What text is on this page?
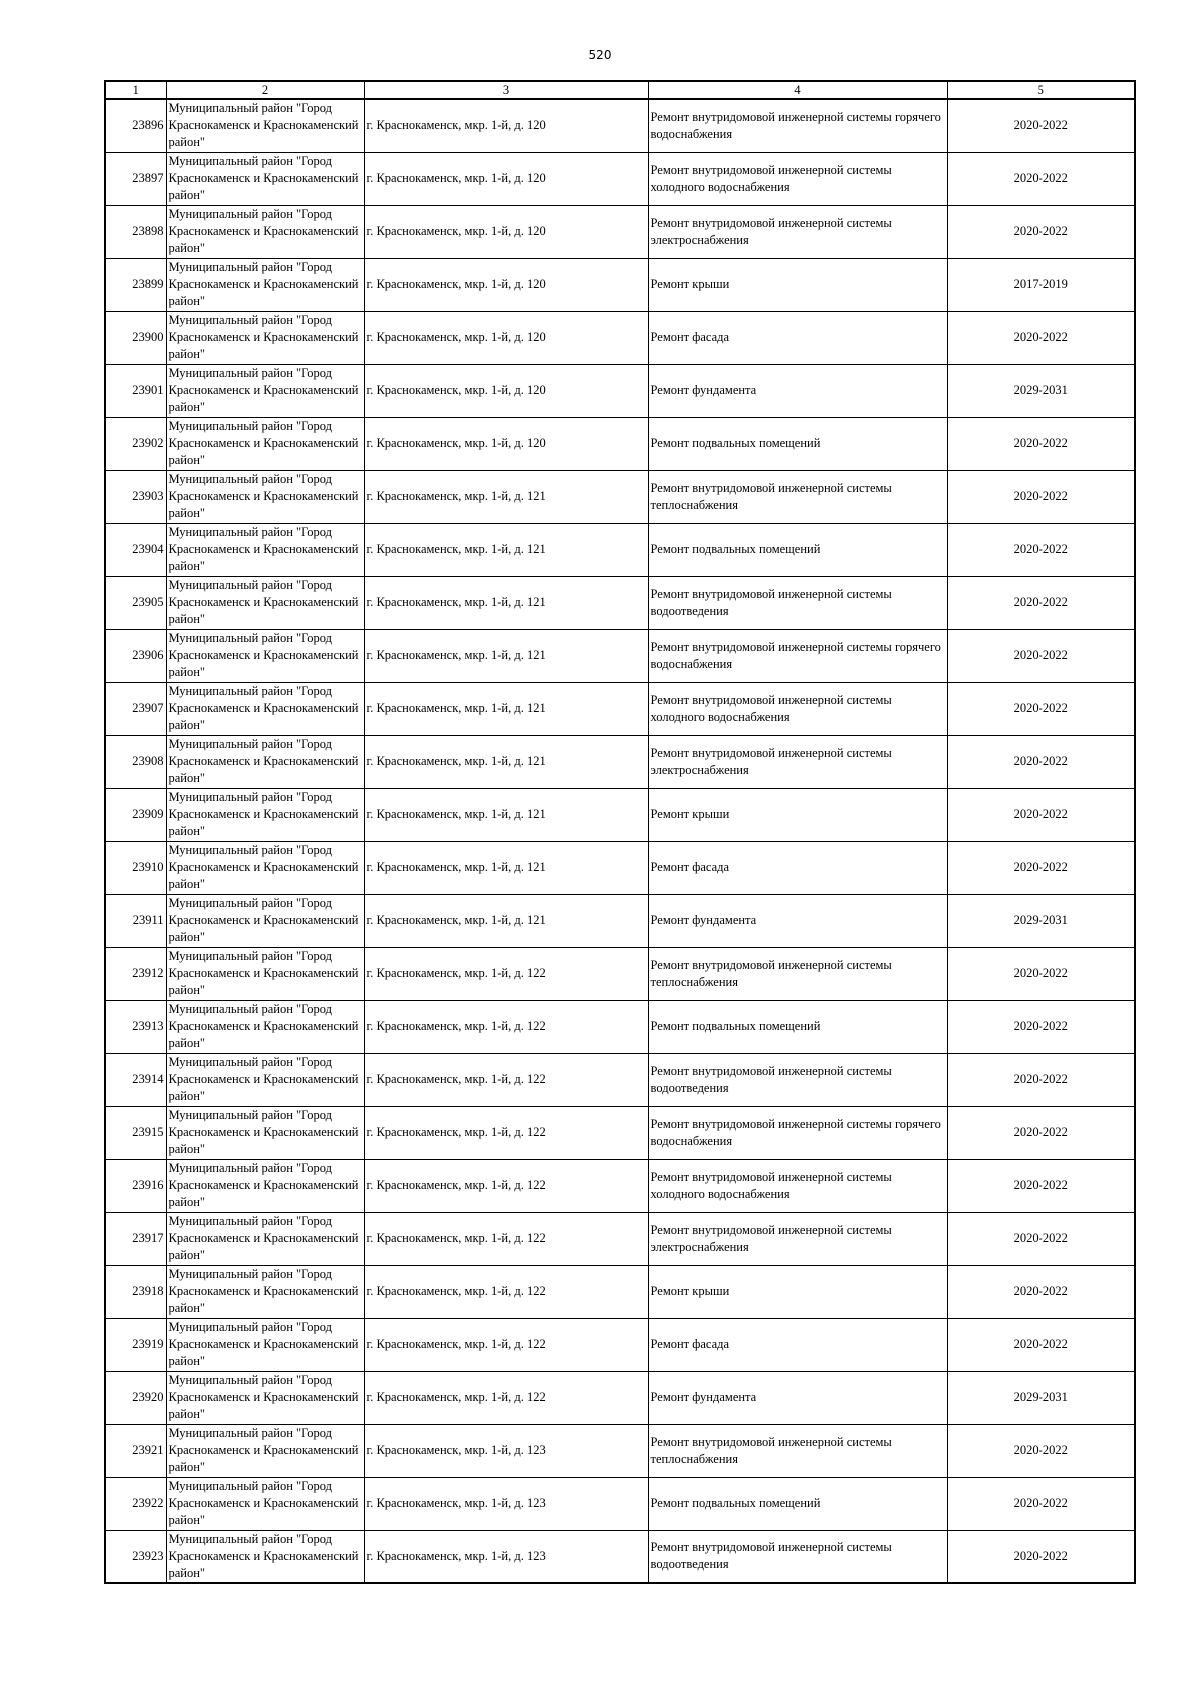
520
1	2	3	4	5
23896	Муниципальный район "Город Краснокаменск и Краснокаменский район"	г. Краснокаменск, мкр. 1-й, д. 120	Ремонт внутридомовой инженерной системы горячего водоснабжения	2020-2022
23897	Муниципальный район "Город Краснокаменск и Краснокаменский район"	г. Краснокаменск, мкр. 1-й, д. 120	Ремонт внутридомовой инженерной системы холодного водоснабжения	2020-2022
23898	Муниципальный район "Город Краснокаменск и Краснокаменский район"	г. Краснокаменск, мкр. 1-й, д. 120	Ремонт внутридомовой инженерной системы электроснабжения	2020-2022
23899	Муниципальный район "Город Краснокаменск и Краснокаменский район"	г. Краснокаменск, мкр. 1-й, д. 120	Ремонт крыши	2017-2019
23900	Муниципальный район "Город Краснокаменск и Краснокаменский район"	г. Краснокаменск, мкр. 1-й, д. 120	Ремонт фасада	2020-2022
23901	Муниципальный район "Город Краснокаменск и Краснокаменский район"	г. Краснокаменск, мкр. 1-й, д. 120	Ремонт фундамента	2029-2031
23902	Муниципальный район "Город Краснокаменск и Краснокаменский район"	г. Краснокаменск, мкр. 1-й, д. 120	Ремонт подвальных помещений	2020-2022
23903	Муниципальный район "Город Краснокаменск и Краснокаменский район"	г. Краснокаменск, мкр. 1-й, д. 121	Ремонт внутридомовой инженерной системы теплоснабжения	2020-2022
23904	Муниципальный район "Город Краснокаменск и Краснокаменский район"	г. Краснокаменск, мкр. 1-й, д. 121	Ремонт подвальных помещений	2020-2022
23905	Муниципальный район "Город Краснокаменск и Краснокаменский район"	г. Краснокаменск, мкр. 1-й, д. 121	Ремонт внутридомовой инженерной системы водоотведения	2020-2022
23906	Муниципальный район "Город Краснокаменск и Краснокаменский район"	г. Краснокаменск, мкр. 1-й, д. 121	Ремонт внутридомовой инженерной системы горячего водоснабжения	2020-2022
23907	Муниципальный район "Город Краснокаменск и Краснокаменский район"	г. Краснокаменск, мкр. 1-й, д. 121	Ремонт внутридомовой инженерной системы холодного водоснабжения	2020-2022
23908	Муниципальный район "Город Краснокаменск и Краснокаменский район"	г. Краснокаменск, мкр. 1-й, д. 121	Ремонт внутридомовой инженерной системы электроснабжения	2020-2022
23909	Муниципальный район "Город Краснокаменск и Краснокаменский район"	г. Краснокаменск, мкр. 1-й, д. 121	Ремонт крыши	2020-2022
23910	Муниципальный район "Город Краснокаменск и Краснокаменский район"	г. Краснокаменск, мкр. 1-й, д. 121	Ремонт фасада	2020-2022
23911	Муниципальный район "Город Краснокаменск и Краснокаменский район"	г. Краснокаменск, мкр. 1-й, д. 121	Ремонт фундамента	2029-2031
23912	Муниципальный район "Город Краснокаменск и Краснокаменский район"	г. Краснокаменск, мкр. 1-й, д. 122	Ремонт внутридомовой инженерной системы теплоснабжения	2020-2022
23913	Муниципальный район "Город Краснокаменск и Краснокаменский район"	г. Краснокаменск, мкр. 1-й, д. 122	Ремонт подвальных помещений	2020-2022
23914	Муниципальный район "Город Краснокаменск и Краснокаменский район"	г. Краснокаменск, мкр. 1-й, д. 122	Ремонт внутридомовой инженерной системы водоотведения	2020-2022
23915	Муниципальный район "Город Краснокаменск и Краснокаменский район"	г. Краснокаменск, мкр. 1-й, д. 122	Ремонт внутридомовой инженерной системы горячего водоснабжения	2020-2022
23916	Муниципальный район "Город Краснокаменск и Краснокаменский район"	г. Краснокаменск, мкр. 1-й, д. 122	Ремонт внутридомовой инженерной системы холодного водоснабжения	2020-2022
23917	Муниципальный район "Город Краснокаменск и Краснокаменский район"	г. Краснокаменск, мкр. 1-й, д. 122	Ремонт внутридомовой инженерной системы электроснабжения	2020-2022
23918	Муниципальный район "Город Краснокаменск и Краснокаменский район"	г. Краснокаменск, мкр. 1-й, д. 122	Ремонт крыши	2020-2022
23919	Муниципальный район "Город Краснокаменск и Краснокаменский район"	г. Краснокаменск, мкр. 1-й, д. 122	Ремонт фасада	2020-2022
23920	Муниципальный район "Город Краснокаменск и Краснокаменский район"	г. Краснокаменск, мкр. 1-й, д. 122	Ремонт фундамента	2029-2031
23921	Муниципальный район "Город Краснокаменск и Краснокаменский район"	г. Краснокаменск, мкр. 1-й, д. 123	Ремонт внутридомовой инженерной системы теплоснабжения	2020-2022
23922	Муниципальный район "Город Краснокаменск и Краснокаменский район"	г. Краснокаменск, мкр. 1-й, д. 123	Ремонт подвальных помещений	2020-2022
23923	Муниципальный район "Город Краснокаменск и Краснокаменский район"	г. Краснокаменск, мкр. 1-й, д. 123	Ремонт внутридомовой инженерной системы водоотведения	2020-2022
